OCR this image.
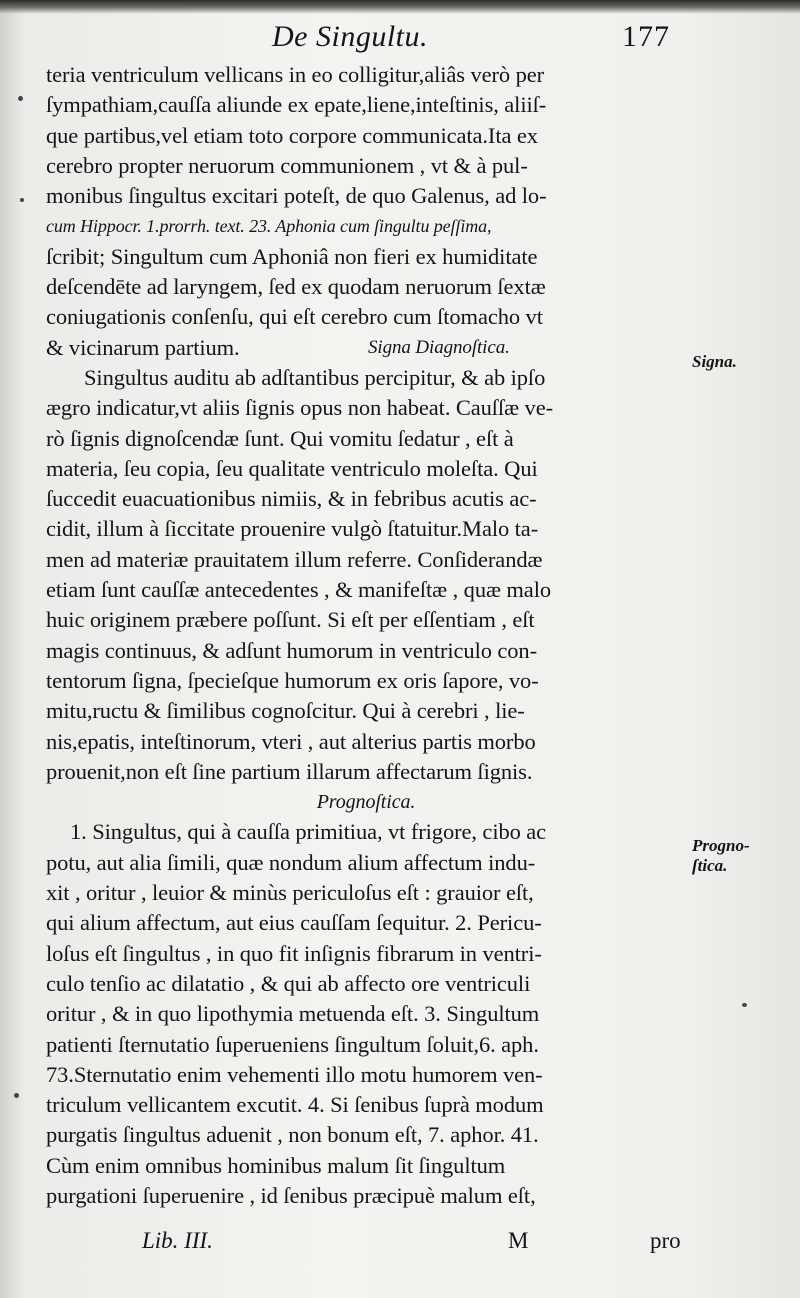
De Singultu.	177
teria ventriculum vellicans in eo colligitur,aliâs verò per
ſympathiam,cauſſa aliunde ex epate,liene,inteſtinis, aliiſ-
que partibus,vel etiam toto corpore communicata.Ita ex
cerebro propter neruorum communionem , vt & à pul-
monibus ſingultus excitari poteſt, de quo Galenus, ad lo-
cum Hippocr. 1.prorrh. text. 23. Aphonia cum ſingultu peſſima,
ſcribit; Singultum cum Aphoniâ non fieri ex humiditate
deſcendēte ad laryngem, ſed ex quodam neruorum ſextæ
coniugationis conſenſu, qui eſt cerebro cum ſtomacho vt
& vicinarum partium.	Signa Diagnoſtica.
Singultus auditu ab adſtantibus percipitur, & ab ipſo
ægro indicatur,vt aliis ſignis opus non habeat. Cauſſæ ve-
rò ſignis dignoſcendæ ſunt. Qui vomitu ſedatur , eſt à
materia, ſeu copia, ſeu qualitate ventriculo moleſta. Qui
ſuccedit euacuationibus nimiis, & in febribus acutis ac-
cidit, illum à ſiccitate prouenire vulgò ſtatuitur.Malo ta-
men ad materiæ prauitatem illum referre. Conſiderandæ
etiam ſunt cauſſæ antecedentes , & manifeſtæ , quæ malo
huic originem præbere poſſunt. Si eſt per eſſentiam , eſt
magis continuus, & adſunt humorum in ventriculo con-
tentorum ſigna, ſpecieſque humorum ex oris ſapore, vo-
mitu,ructu & ſimilibus cognoſcitur. Qui à cerebri , lie-
nis,epatis, inteſtinorum, vteri , aut alterius partis morbo
prouenit,non eſt ſine partium illarum affectarum ſignis.
Prognoſtica.
1. Singultus, qui à cauſſa primitiua, vt frigore, cibo ac
potu, aut alia ſimili, quæ nondum alium affectum indu-
xit , oritur , leuior & minùs periculoſus eſt : grauior eſt,
qui alium affectum, aut eius cauſſam ſequitur. 2. Pericu-
loſus eſt ſingultus , in quo fit inſignis fibrarum in ventri-
culo tenſio ac dilatatio , & qui ab affecto ore ventriculi
oritur , & in quo lipothymia metuenda eſt. 3. Singultum
patienti ſternutatio ſuperueniens ſingultum ſoluit,6. aph.
73.Sternutatio enim vehementi illo motu humorem ven-
triculum vellicantem excutit. 4. Si ſenibus ſuprà modum
purgatis ſingultus aduenit , non bonum eſt, 7. aphor. 41.
Cùm enim omnibus hominibus malum ſit ſingultum
purgationi ſuperuenire , id ſenibus præcipuè malum eſt,
Signa.
Progno- ſtica.
Lib. III.	M	pro
